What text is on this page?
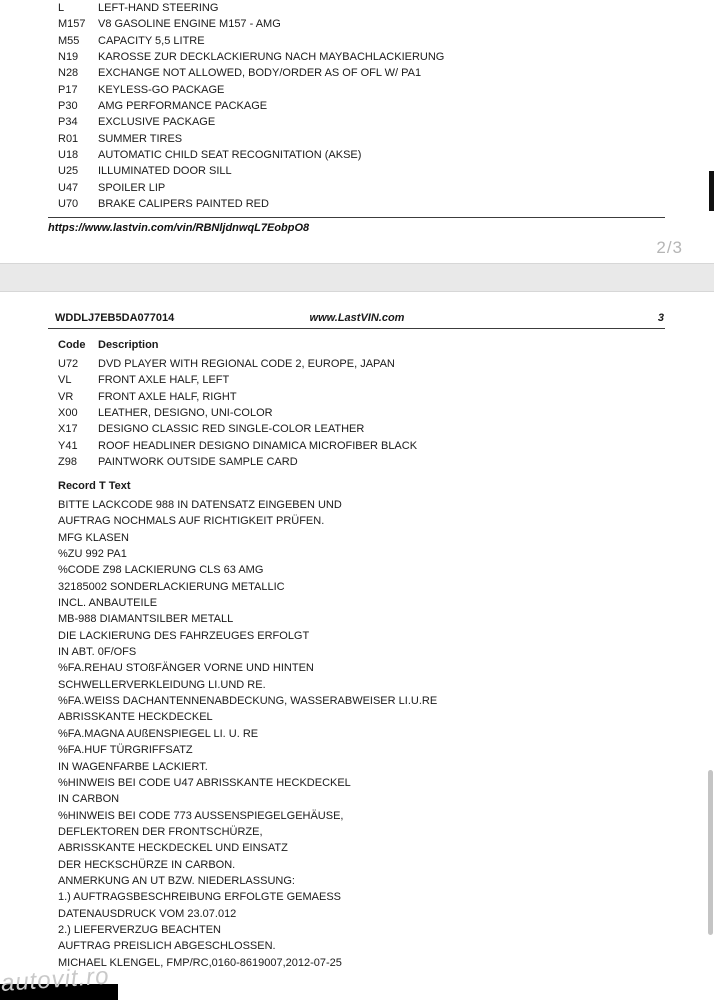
L	LEFT-HAND STEERING
M157	V8 GASOLINE ENGINE M157 - AMG
M55	CAPACITY 5,5 LITRE
N19	KAROSSE ZUR DECKLACKIERUNG NACH MAYBACHLACKIERUNG
N28	EXCHANGE NOT ALLOWED, BODY/ORDER AS OF OFL W/ PA1
P17	KEYLESS-GO PACKAGE
P30	AMG PERFORMANCE PACKAGE
P34	EXCLUSIVE PACKAGE
R01	SUMMER TIRES
U18	AUTOMATIC CHILD SEAT RECOGNITATION (AKSE)
U25	ILLUMINATED DOOR SILL
U47	SPOILER LIP
U70	BRAKE CALIPERS PAINTED RED
https://www.lastvin.com/vin/RBNljdnwqL7EobpO8
2/3
WDDLJ7EB5DA077014	www.LastVIN.com	3
Code	Description
U72	DVD PLAYER WITH REGIONAL CODE 2, EUROPE, JAPAN
VL	FRONT AXLE HALF, LEFT
VR	FRONT AXLE HALF, RIGHT
X00	LEATHER, DESIGNO, UNI-COLOR
X17	DESIGNO CLASSIC RED SINGLE-COLOR LEATHER
Y41	ROOF HEADLINER DESIGNO DINAMICA MICROFIBER BLACK
Z98	PAINTWORK OUTSIDE SAMPLE CARD
Record T Text
BITTE LACKCODE 988 IN DATENSATZ EINGEBEN UND
AUFTRAG NOCHMALS AUF RICHTIGKEIT PRÜFEN.
MFG KLASEN
%ZU 992 PA1
%CODE Z98 LACKIERUNG CLS 63 AMG
32185002 SONDERLACKIERUNG METALLIC
INCL. ANBAUTEILE
MB-988 DIAMANTSILBER METALL
DIE LACKIERUNG DES FAHRZEUGES ERFOLGT
IN ABT. 0F/OFS
%FA.REHAU STOßFÄNGER VORNE UND HINTEN
SCHWELLERVERKLEIDUNG LI.UND RE.
%FA.WEISS DACHANTENNENABDECKUNG, WASSERABWEISER LI.U.RE
ABRISSKANTE HECKDECKEL
%FA.MAGNA AUßENSPIEGEL LI. U. RE
%FA.HUF TÜRGRIFFSATZ
IN WAGENFARBE LACKIERT.
%HINWEIS BEI CODE U47 ABRISSKANTE HECKDECKEL
IN CARBON
%HINWEIS BEI CODE 773 AUSSENSPIEGELGEHÄUSE,
DEFLEKTOREN DER FRONTSCHÜRZE,
ABRISSKANTE HECKDECKEL UND EINSATZ
DER HECKSCHÜRZE IN CARBON.
ANMERKUNG AN UT BZW. NIEDERLASSUNG:
1.) AUFTRAGSBESCHREIBUNG ERFOLGTE GEMAESS
DATENAUSDRUCK VOM 23.07.012
2.) LIEFERVERZUG BEACHTEN
AUFTRAG PREISLICH ABGESCHLOSSEN.
MICHAEL KLENGEL, FMP/RC,0160-8619007,2012-07-25
autovit.ro
